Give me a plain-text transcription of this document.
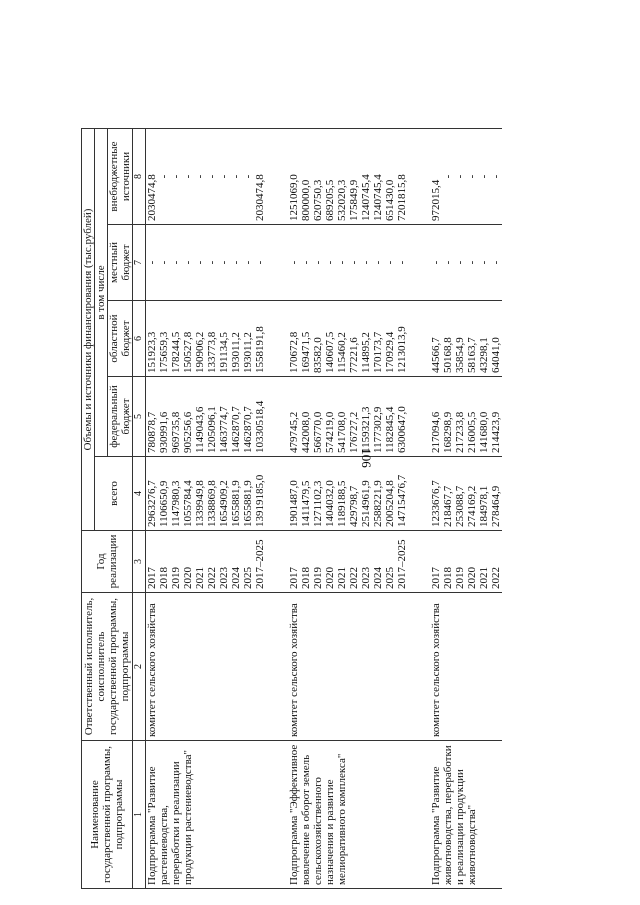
Наименование государственной программы, подпрограммы	Ответственный исполнитель, соисполнитель государственной программы, подпрограммы	Год реализации	Объемы и источники финансирования (тыс.рублей)				
			всего	в том числе			
				федеральный бюджет	областной бюджет	местный бюджет	внебюджетные источники
1	2	3	4	5	6	7	8
Подпрограмма "Развитие растениеводства, переработки и реализации продукции растениеводства"	комитет сельского хозяйства	2017	2963276,7	780878,7	151923,3	-	2030474,8
		2018	1106650,9	930991,6	175659,3	-	-
		2019	1147980,3	969735,8	178244,5	-	-
		2020	1055784,4	905256,6	150527,8	-	-
		2021	1339949,8	1149043,6	190906,2	-	-
		2022	1338869,8	1205096,1	133773,8	-	-
		2023	1654909,2	1463774,7	191134,5	-	-
		2024	1655881,9	1462870,7	193011,2	-	-
		2025	1655881,9	1462870,7	193011,2	-	-
		2017–2025	13919185,0	10330518,4	1558191,8	-	2030474,8

Подпрограмма "Эффективное вовлечение в оборот земель сельскохозяйственного назначения и развитие мелиоративного комплекса"	комитет сельского хозяйства	2017	1901487,0	479745,2	170672,8	-	1251069,0
		2018	1411479,5	442008,0	169471,5	-	800000,0
		2019	1271102,3	566770,0	83582,0	-	620750,3
		2020	1404032,0	574219,0	140607,5	-	689205,5
		2021	1189188,5	541708,0	115460,2	-	532020,3
		2022	429798,7	176727,2	77221,6	-	175849,9
		2023	2514961,9	1159321,3	114895,2	-	1240745,4
		2024	2588221,9	1177302,9	170173,7	-	1240745,4
		2025	2005204,8	1182845,4	170929,4	-	651430,0
		2017–2025	14715476,7	6300647,0	1213013,9	-	7201815,8

Подпрограмма "Развитие животноводства, переработки и реализации продукции животноводства"	комитет сельского хозяйства	2017	1233676,7	217094,6	44566,7	-	972015,4
		2018	218467,7	168298,9	50168,8	-	-
		2019	253088,7	217233,8	35854,9	-	-
		2020	274169,2	216005,5	58163,7	-	-
		2021	184978,1	141680,0	43298,1	-	-
		2022	278464,9	214423,9	64041,0	-	-
106
